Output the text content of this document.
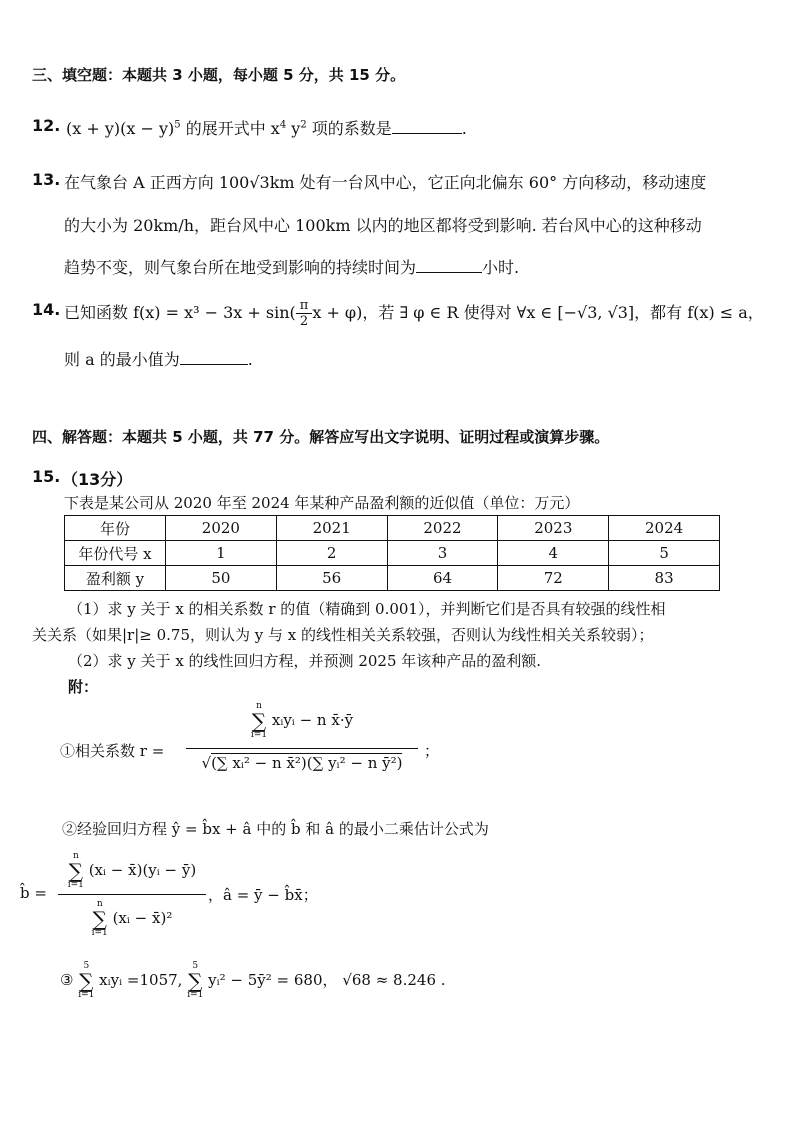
三、填空题：本题共 3 小题，每小题 5 分，共 15 分。
12. $(x + y)(x - y)^5$ 的展开式中 $x^4$ $y^2$ 项的系数是	.
13. 在气象台 A 正西方向 100√3km 处有一台风中心，它正向北偏东 60° 方向移动，移动速度
的大小为 20km/h，距台风中心 100km 以内的地区都将受到影响. 若台风中心的这种移动
趋势不变，则气象台所在地受到影响的持续时间为	小时.
14. 已知函数 $f(x) = x^3 - 3x + \sin( \frac{\pi}{2}$ x + φ)，若 ∃ φ ∈ R 使得对 ∀x ∈ [−√3, √3]，都有 f(x) ≤ a，
则 a 的最小值为	.
四、解答题：本题共 5 小题，共 77 分。解答应写出文字说明、证明过程或演算步骤。
15. （13分）
下表是某公司从 2020 年至 2024 年某种产品盈利额的近似值（单位：万元）
年份	2020	2021	2022	2023	2024
年份代号 x	1	2	3	4	5
盈利额 y	50	56	64	72	83
（1）求 y 关于 x 的相关系数 r 的值（精确到 0.001），并判断它们是否具有较强的线性相
关关系（如果|r|≥ 0.75，则认为 y 与 x 的线性相关关系较强，否则认为线性相关关系较弱）；
（2）求 y 关于 x 的线性回归方程，并预测 2025 年该种产品的盈利额.
附：
①相关系数 r =
n
∑
i=1
xᵢyᵢ − n x̄·ȳ
√(∑ xᵢ² − n x̄²)(∑ yᵢ² − n ȳ²)
；
②经验回归方程 ŷ = b̂x + â 中的 b̂ 和 â 的最小二乘估计公式为
b̂ =
n
∑
i=1
(xᵢ − x̄)(yᵢ − ȳ)
n
∑
i=1
(xᵢ − x̄)²
，â = ȳ − b̂x̄；
③
5
∑
i=1
xᵢyᵢ =1057,
5
∑
i=1
yᵢ² − 5ȳ² = 680， √68 ≈ 8.246 .
